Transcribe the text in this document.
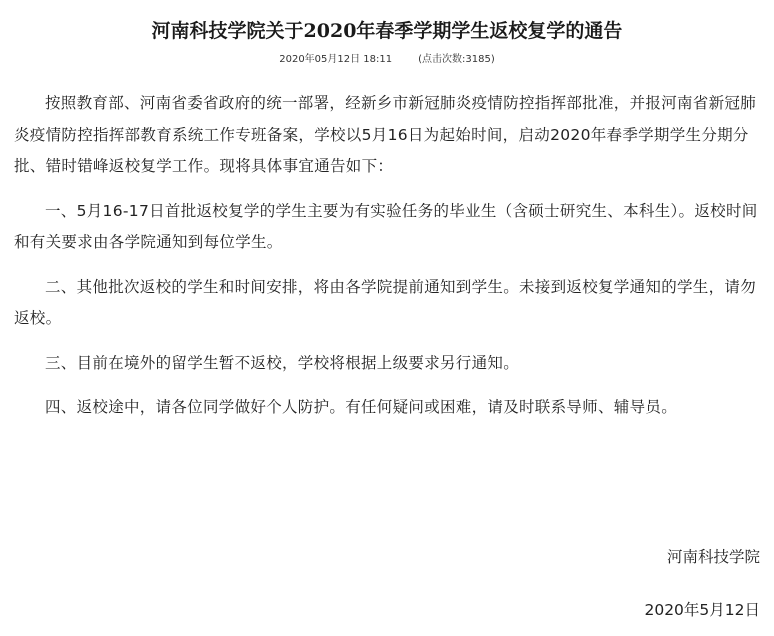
河南科技学院关于2020年春季学期学生返校复学的通告
2020年05月12日 18:11	(点击次数:3185)

按照教育部、河南省委省政府的统一部署，经新乡市新冠肺炎疫情防控指挥部批准，并报河南省新冠肺炎疫情防控指挥部教育系统工作专班备案，学校以5月16日为起始时间，启动2020年春季学期学生分期分批、错时错峰返校复学工作。现将具体事宜通告如下：

一、5月16-17日首批返校复学的学生主要为有实验任务的毕业生（含硕士研究生、本科生）。返校时间和有关要求由各学院通知到每位学生。

二、其他批次返校的学生和时间安排，将由各学院提前通知到学生。未接到返校复学通知的学生，请勿返校。

三、目前在境外的留学生暂不返校，学校将根据上级要求另行通知。

四、返校途中，请各位同学做好个人防护。有任何疑问或困难，请及时联系导师、辅导员。

河南科技学院

2020年5月12日
